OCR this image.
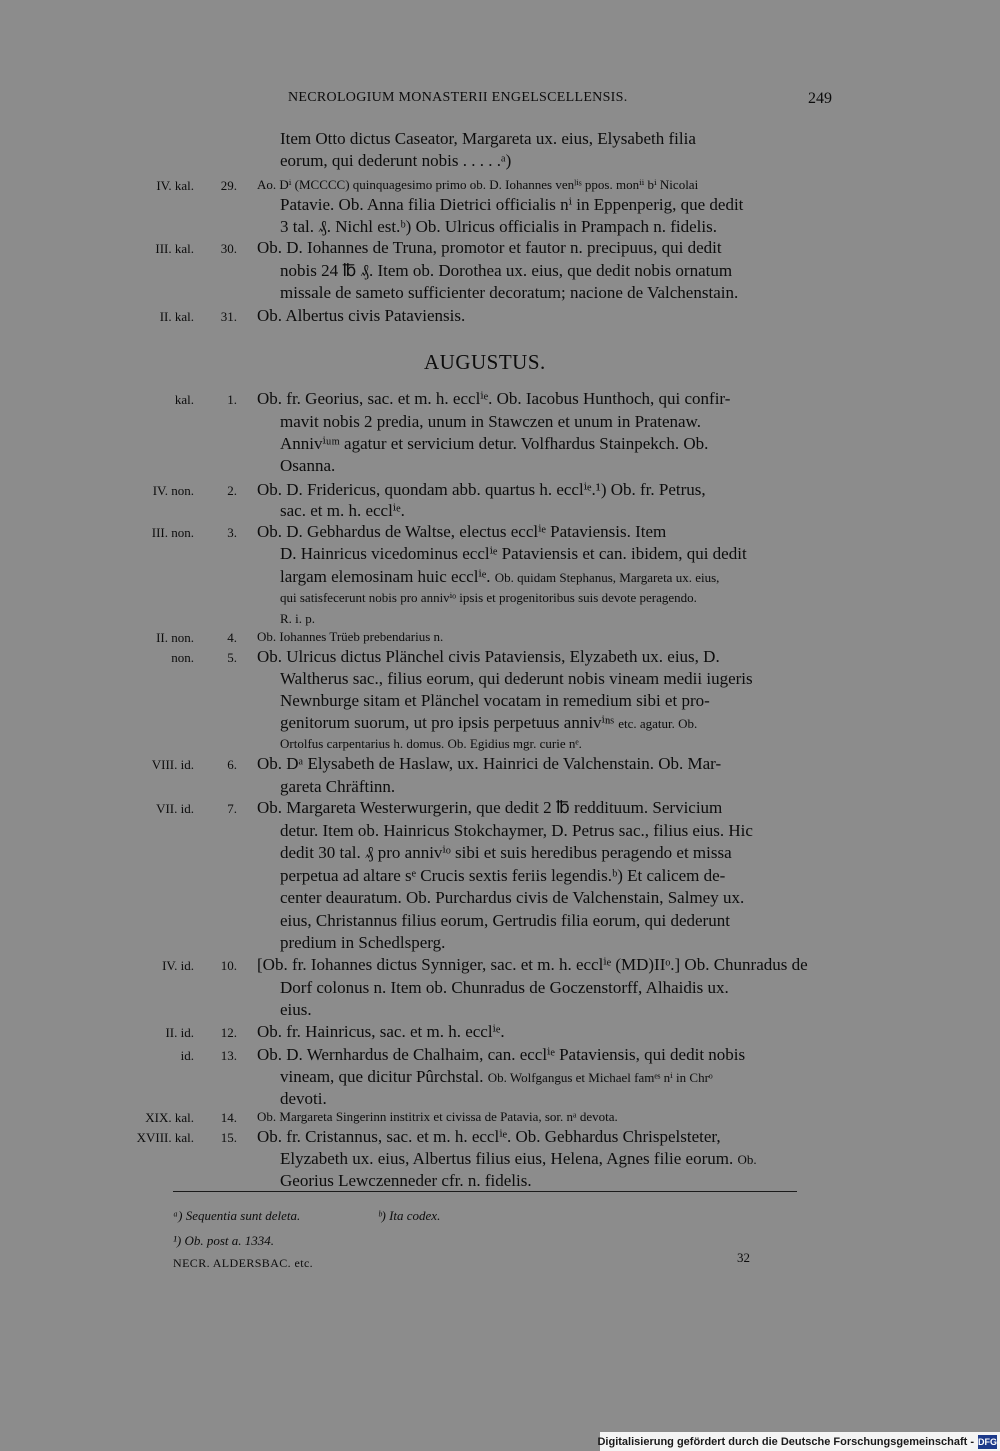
NECROLOGIUM MONASTERII ENGELSCELLENSIS.	249
Item Otto dictus Caseator, Margareta ux. eius, Elysabeth filia
eorum, qui dederunt nobis . . . . .ᵃ)
IV. kal. 29. Ao. Dⁱ (MCCCC) quinquagesimo primo ob. D. Iohannes venˡⁱˢ ppos. monⁱⁱ bⁱ Nicolai
Patavie. Ob. Anna filia Dietrici officialis nⁱ in Eppenperig, que dedit
3 tal. ₰. Nichl est.ᵇ) Ob. Ulricus officialis in Prampach n. fidelis.
III. kal. 30. Ob. D. Iohannes de Truna, promotor et fautor n. precipuus, qui dedit
nobis 24 ℔ ₰. Item ob. Dorothea ux. eius, que dedit nobis ornatum
missale de sameto sufficienter decoratum; nacione de Valchenstain.
II. kal. 31. Ob. Albertus civis Pataviensis.
AUGUSTUS.
kal.	1. Ob. fr. Georius, sac. et m. h. ecclⁱᵉ. Ob. Iacobus Hunthoch, qui confir-
mavit nobis 2 predia, unum in Stawczen et unum in Pratenaw.
Annivⁱᵘᵐ agatur et servicium detur. Volfhardus Stainpekch. Ob.
Osanna.
IV. non.	2. Ob. D. Fridericus, quondam abb. quartus h. ecclⁱᵉ.¹) Ob. fr. Petrus,
sac. et m. h. ecclⁱᵉ.
III. non.	3. Ob. D. Gebhardus de Waltse, electus ecclⁱᵉ Pataviensis. Item
D. Hainricus vicedominus ecclⁱᵉ Pataviensis et can. ibidem, qui dedit
largam elemosinam huic ecclⁱᵉ. Ob. quidam Stephanus, Margareta ux. eius,
qui satisfecerunt nobis pro annivⁱᵒ ipsis et progenitoribus suis devote peragendo.
R. i. p.
II. non.	4. Ob. Iohannes Trüeb prebendarius n.
non.	5. Ob. Ulricus dictus Plänchel civis Pataviensis, Elyzabeth ux. eius, D.
Waltherus sac., filius eorum, qui dederunt nobis vineam medii iugeris
Newnburge sitam et Plänchel vocatam in remedium sibi et pro-
genitorum suorum, ut pro ipsis perpetuus annivⁱⁿˢ etc. agatur. Ob.
Ortolfus carpentarius h. domus. Ob. Egidius mgr. curie nᵉ.
VIII. id.	6. Ob. Dᵃ Elysabeth de Haslaw, ux. Hainrici de Valchenstain. Ob. Mar-
gareta Chräftinn.
VII. id.	7. Ob. Margareta Westerwurgerin, que dedit 2 ℔ reddituum. Servicium
detur. Item ob. Hainricus Stokchaymer, D. Petrus sac., filius eius. Hic
dedit 30 tal. ₰ pro annivⁱᵒ sibi et suis heredibus peragendo et missa
perpetua ad altare sᵉ Crucis sextis feriis legendis.ᵇ) Et calicem de-
center deauratum. Ob. Purchardus civis de Valchenstain, Salmey ux.
eius, Christannus filius eorum, Gertrudis filia eorum, qui dederunt
predium in Schedlsperg.
IV. id. 10. [Ob. fr. Iohannes dictus Synniger, sac. et m. h. ecclⁱᵉ (MD)IIᵒ.] Ob. Chunradus de
Dorf colonus n. Item ob. Chunradus de Goczenstorff, Alhaidis ux.
eius.
II. id. 12. Ob. fr. Hainricus, sac. et m. h. ecclⁱᵉ.
id. 13. Ob. D. Wernhardus de Chalhaim, can. ecclⁱᵉ Pataviensis, qui dedit nobis
vineam, que dicitur Pûrchstal. Ob. Wolfgangus et Michael famᵉˢ nⁱ in Chrᵒ
devoti.
XIX. kal. 14. Ob. Margareta Singerinn institrix et civissa de Patavia, sor. nᵃ devota.
XVIII. kal. 15. Ob. fr. Cristannus, sac. et m. h. ecclⁱᵉ. Ob. Gebhardus Chrispelsteter,
Elyzabeth ux. eius, Albertus filius eius, Helena, Agnes filie eorum. Ob.
Georius Lewczenneder cfr. n. fidelis.
ᵃ) Sequentia sunt deleta.	ᵇ) Ita codex.
¹) Ob. post a. 1334.
NECR. ALDERSBAC. etc.	32
Digitalisierung gefördert durch die Deutsche Forschungsgemeinschaft - DFG
